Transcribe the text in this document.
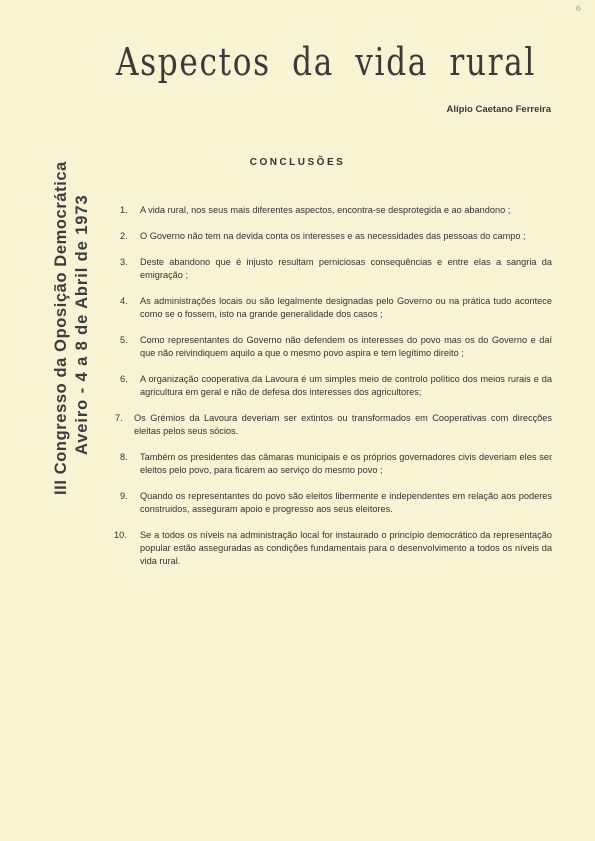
6
Aspectos da vida rural
Alípio Caetano Ferreira
CONCLUSÕES
III Congresso da Oposição Democrática Aveiro - 4 a 8 de Abril de 1973	1.	A vida rural, nos seus mais diferentes aspectos, encontra-se desprotegida e ao abandono ;
2.	O Governo não tem na devida conta os interesses e as necessidades das pessoas do campo ;
3.	Deste abandono que é injusto resultam perniciosas consequências e entre elas a sangria da emigração ;
4.	As administrações locais ou são legalmente designadas pelo Governo ou na prática tudo acontece como se o fossem, isto na grande generalidade dos casos ;
5.	Como representantes do Governo não defendem os interesses do povo mas os do Governo e daí que não reivindiquem aquilo a que o mesmo povo aspira e tem legítimo direito ;
6.	A organização cooperativa da Lavoura é um simples meio de controlo político dos meios rurais e da agricultura em geral e não de defesa dos interesses dos agricultores;
7.	Os Grémios da Lavoura deveriam ser extintos ou transformados em Cooperativas com direcções eleitas pelos seus sócios.
8.	Também os presidentes das câmaras municipais e os próprios governadores civis deveriam eles ser eleitos pelo povo, para ficarem ao serviço do mesmo povo ;
9.	Quando os representantes do povo são eleitos libermente e independentes em relação aos poderes construidos, asseguram apoio e progresso aos seus eleitores.
10.	Se a todos os níveis na administração local for instaurado o princípio democrático da representação popular estão asseguradas as condições fundamentais para o desenvolvimento a todos os níveis da vida rural.
